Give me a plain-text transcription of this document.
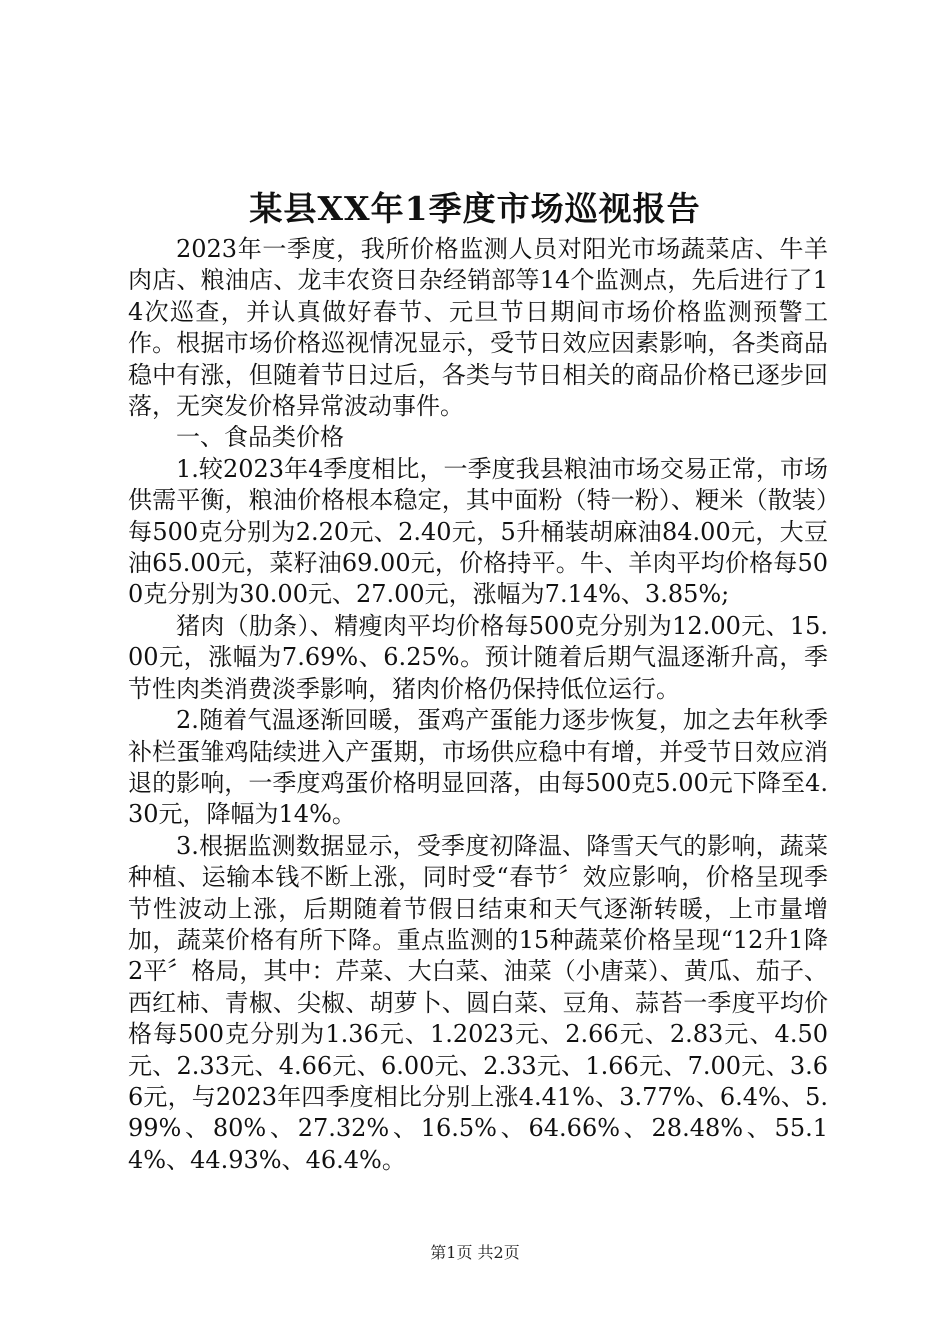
某县XX年1季度市场巡视报告

2023年一季度，我所价格监测人员对阳光市场蔬菜店、牛羊肉店、粮油店、龙丰农资日杂经销部等14个监测点，先后进行了14次巡查，并认真做好春节、元旦节日期间市场价格监测预警工作。根据市场价格巡视情况显示，受节日效应因素影响，各类商品稳中有涨，但随着节日过后，各类与节日相关的商品价格已逐步回落，无突发价格异常波动事件。

一、食品类价格

1.较2023年4季度相比，一季度我县粮油市场交易正常，市场供需平衡，粮油价格根本稳定，其中面粉（特一粉）、粳米（散装）每500克分别为2.20元、2.40元，5升桶装胡麻油84.00元，大豆油65.00元，菜籽油69.00元，价格持平。牛、羊肉平均价格每500克分别为30.00元、27.00元，涨幅为7.14%、3.85%;

猪肉（肋条）、精瘦肉平均价格每500克分别为12.00元、15.00元，涨幅为7.69%、6.25%。预计随着后期气温逐渐升高，季节性肉类消费淡季影响，猪肉价格仍保持低位运行。

2.随着气温逐渐回暖，蛋鸡产蛋能力逐步恢复，加之去年秋季补栏蛋雏鸡陆续进入产蛋期，市场供应稳中有增，并受节日效应消退的影响，一季度鸡蛋价格明显回落，由每500克5.00元下降至4.30元，降幅为14%。

3.根据监测数据显示，受季度初降温、降雪天气的影响，蔬菜种植、运输本钱不断上涨，同时受“春节〞效应影响，价格呈现季节性波动上涨，后期随着节假日结束和天气逐渐转暖，上市量增加，蔬菜价格有所下降。重点监测的15种蔬菜价格呈现“12升1降2平〞格局，其中：芹菜、大白菜、油菜（小唐菜）、黄瓜、茄子、西红柿、青椒、尖椒、胡萝卜、圆白菜、豆角、蒜苔一季度平均价格每500克分别为1.36元、1.2023元、2.66元、2.83元、4.50元、2.33元、4.66元、6.00元、2.33元、1.66元、7.00元、3.66元，与2023年四季度相比分别上涨4.41%、3.77%、6.4%、5.99%、80%、27.32%、16.5%、64.66%、28.48%、55.14%、44.93%、46.4%。

第1页 共2页
